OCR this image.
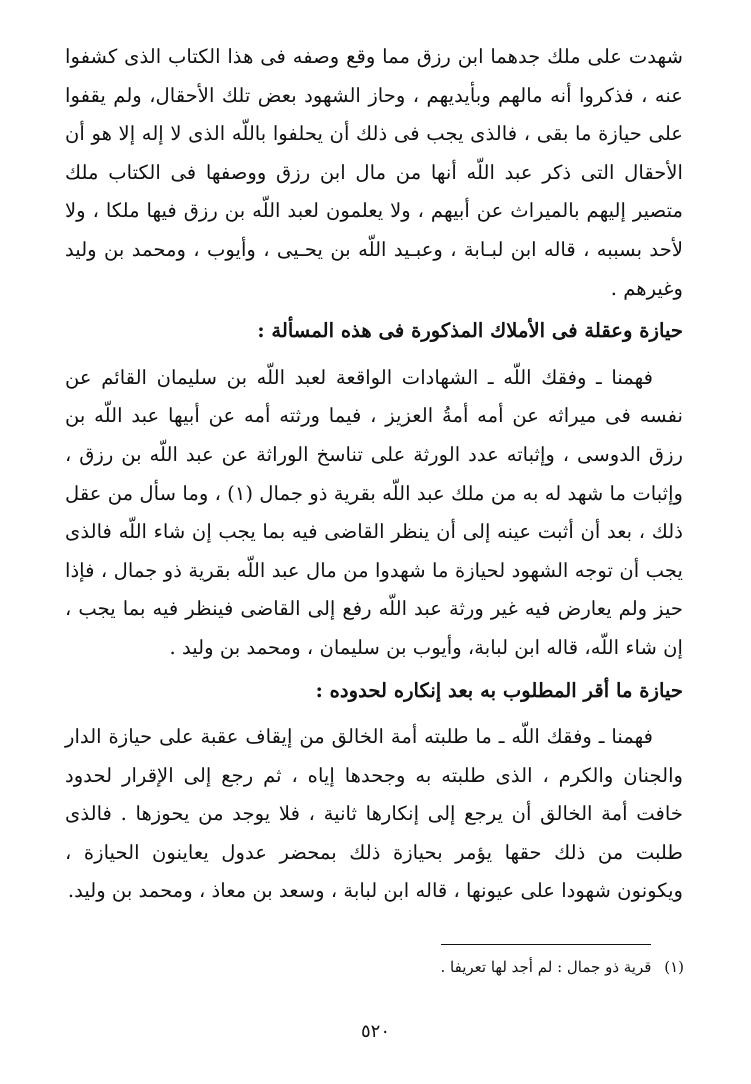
شهدت على ملك جدهما ابن رزق مما وقع وصفه فى هذا الكتاب الذى كشفوا عنه ، فذكروا أنه مالهم وبأيديهم ، وحاز الشهود بعض تلك الأحقال، ولم يقفوا على حيازة ما بقى ، فالذى يجب فى ذلك أن يحلفوا باللّه الذى لا إله إلا هو أن الأحقال التى ذكر عبد اللّه أنها من مال ابن رزق ووصفها فى الكتاب ملك متصير إليهم بالميراث عن أبيهم ، ولا يعلمون لعبد اللّه بن رزق فيها ملكا ، ولا لأحد بسببه ، قاله ابن لبـابة ، وعبـيد اللّه بن يحـيى ، وأيوب ، ومحمد بن وليد وغيرهم .

حيازة وعقلة فى الأملاك المذكورة فى هذه المسألة :

فهمنا ـ وفقك اللّه ـ الشهادات الواقعة لعبد اللّه بن سليمان القائم عن نفسه فى ميراثه عن أمه أمةُ العزيز ، فيما ورثته أمه عن أبيها عبد اللّه بن رزق الدوسى ، وإثباته عدد الورثة على تناسخ الوراثة عن عبد اللّه بن رزق ، وإثبات ما شهد له به من ملك عبد اللّه بقرية ذو جمال (١) ، وما سأل من عقل ذلك ، بعد أن أثبت عينه إلى أن ينظر القاضى فيه بما يجب إن شاء اللّه فالذى يجب أن توجه الشهود لحيازة ما شهدوا من مال عبد اللّه بقرية ذو جمال ، فإذا حيز ولم يعارض فيه غير ورثة عبد اللّه رفع إلى القاضى فينظر فيه بما يجب ، إن شاء اللّه، قاله ابن لبابة، وأيوب بن سليمان ، ومحمد بن وليد .

حيازة ما أقر المطلوب به بعد إنكاره لحدوده :

فهمنا ـ وفقك اللّه ـ ما طلبته أمة الخالق من إيقاف عقبة على حيازة الدار والجنان والكرم ، الذى طلبته به وجحدها إياه ، ثم رجع إلى الإقرار لحدود خافت أمة الخالق أن يرجع إلى إنكارها ثانية ، فلا يوجد من يحوزها . فالذى طلبت من ذلك حقها يؤمر بحيازة ذلك بمحضر عدول يعاينون الحيازة ، ويكونون شهودا على عيونها ، قاله ابن لبابة ، وسعد بن معاذ ، ومحمد بن وليد.

(١) قرية ذو جمال : لم أجد لها تعريفا .
٥٢٠
